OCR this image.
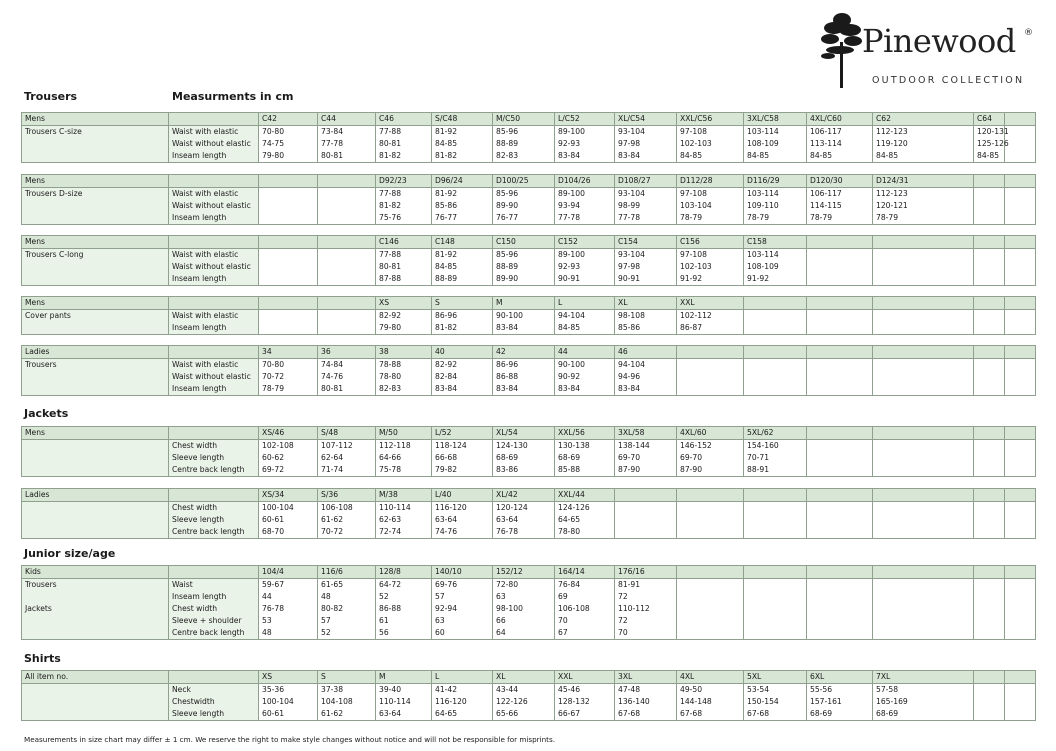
Pinewood ®
OUTDOOR COLLECTION
Trousers	Measurments in cm
Jackets
Junior size/age
Shirts
Mens		C42	C44	C46	S/C48	M/C50	L/C52	XL/C54	XXL/C56	3XL/C58	4XL/C60	C62	C64	
Trousers C-size	Waist with elastic	70-80	73-84	77-88	81-92	85-96	89-100	93-104	97-108	103-114	106-117	112-123	120-131	
	Waist without elastic	74-75	77-78	80-81	84-85	88-89	92-93	97-98	102-103	108-109	113-114	119-120	125-126	
	Inseam length	79-80	80-81	81-82	81-82	82-83	83-84	83-84	84-85	84-85	84-85	84-85	84-85	
Mens				D92/23	D96/24	D100/25	D104/26	D108/27	D112/28	D116/29	D120/30	D124/31		
Trousers D-size	Waist with elastic			77-88	81-92	85-96	89-100	93-104	97-108	103-114	106-117	112-123		
	Waist without elastic			81-82	85-86	89-90	93-94	98-99	103-104	109-110	114-115	120-121		
	Inseam length			75-76	76-77	76-77	77-78	77-78	78-79	78-79	78-79	78-79		
Mens				C146	C148	C150	C152	C154	C156	C158				
Trousers C-long	Waist with elastic			77-88	81-92	85-96	89-100	93-104	97-108	103-114				
	Waist without elastic			80-81	84-85	88-89	92-93	97-98	102-103	108-109				
	Inseam length			87-88	88-89	89-90	90-91	90-91	91-92	91-92				
Mens				XS	S	M	L	XL	XXL					
Cover pants	Waist with elastic			82-92	86-96	90-100	94-104	98-108	102-112					
	Inseam length			79-80	81-82	83-84	84-85	85-86	86-87					
Ladies		34	36	38	40	42	44	46						
Trousers	Waist with elastic	70-80	74-84	78-88	82-92	86-96	90-100	94-104						
	Waist without elastic	70-72	74-76	78-80	82-84	86-88	90-92	94-96						
	Inseam length	78-79	80-81	82-83	83-84	83-84	83-84	83-84						
Mens		XS/46	S/48	M/50	L/52	XL/54	XXL/56	3XL/58	4XL/60	5XL/62				
	Chest width	102-108	107-112	112-118	118-124	124-130	130-138	138-144	146-152	154-160				
	Sleeve length	60-62	62-64	64-66	66-68	68-69	68-69	69-70	69-70	70-71				
	Centre back length	69-72	71-74	75-78	79-82	83-86	85-88	87-90	87-90	88-91				
Ladies		XS/34	S/36	M/38	L/40	XL/42	XXL/44							
	Chest width	100-104	106-108	110-114	116-120	120-124	124-126							
	Sleeve length	60-61	61-62	62-63	63-64	63-64	64-65							
	Centre back length	68-70	70-72	72-74	74-76	76-78	78-80							
Kids		104/4	116/6	128/8	140/10	152/12	164/14	176/16						
Trousers	Waist	59-67	61-65	64-72	69-76	72-80	76-84	81-91						
	Inseam length	44	48	52	57	63	69	72						
Jackets	Chest width	76-78	80-82	86-88	92-94	98-100	106-108	110-112						
	Sleeve + shoulder	53	57	61	63	66	70	72						
	Centre back length	48	52	56	60	64	67	70						
All item no.		XS	S	M	L	XL	XXL	3XL	4XL	5XL	6XL	7XL		
	Neck	35-36	37-38	39-40	41-42	43-44	45-46	47-48	49-50	53-54	55-56	57-58		
	Chestwidth	100-104	104-108	110-114	116-120	122-126	128-132	136-140	144-148	150-154	157-161	165-169		
	Sleeve length	60-61	61-62	63-64	64-65	65-66	66-67	67-68	67-68	67-68	68-69	68-69		
Measurements in size chart may differ ± 1 cm. We reserve the right to make style changes without notice and will not be responsible for misprints.
